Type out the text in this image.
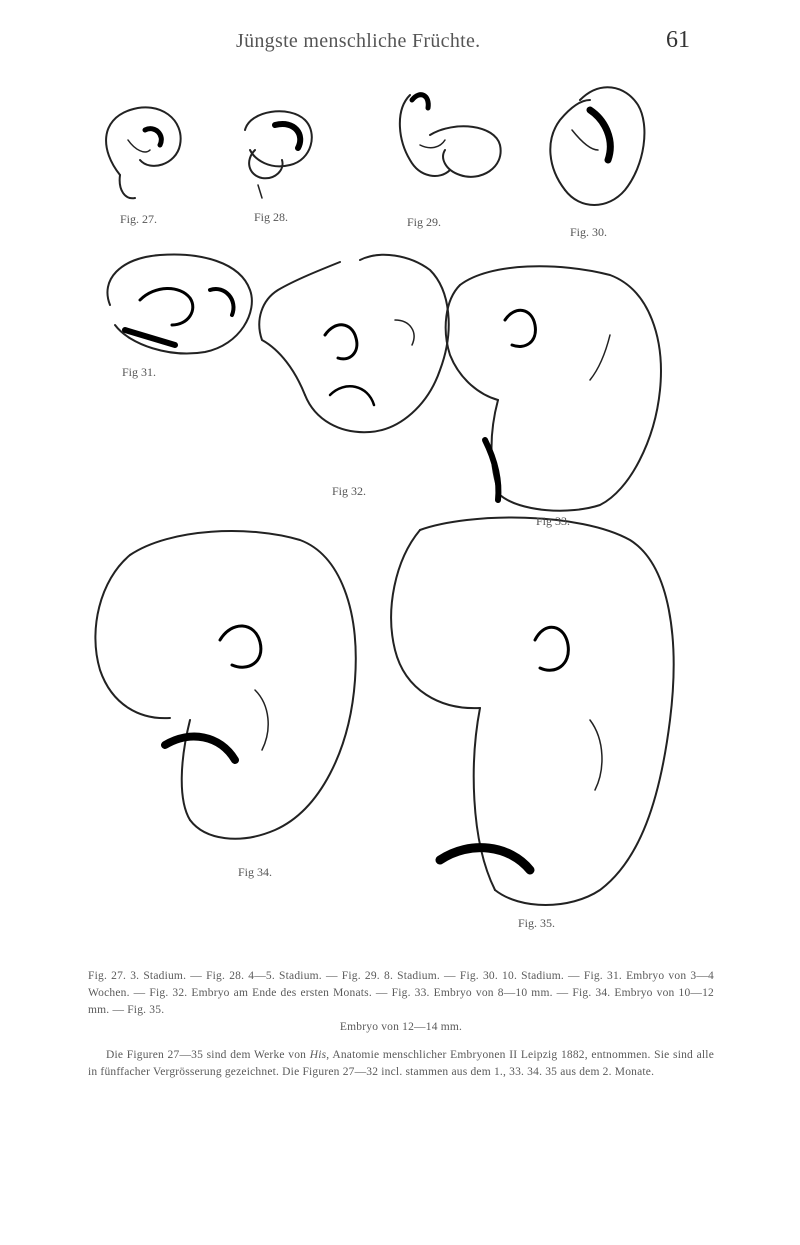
Jüngste menschliche Früchte.	61
Fig. 27.	Fig 28.	Fig 29.
Fig. 30.
Fig 31.
Fig 32.
Fig 33.
Fig 34.
Fig. 35.
Fig. 27. 3. Stadium. — Fig. 28. 4—5. Stadium. — Fig. 29. 8. Stadium. — Fig. 30. 10. Stadium. — Fig. 31. Embryo von 3—4 Wochen. — Fig. 32. Embryo am Ende des ersten Monats. — Fig. 33. Embryo von 8—10 mm. — Fig. 34. Embryo von 10—12 mm. — Fig. 35.
Embryo von 12—14 mm.
Die Figuren 27—35 sind dem Werke von His, Anatomie menschlicher Embryonen II Leipzig 1882, entnommen. Sie sind alle in fünffacher Vergrösserung gezeichnet. Die Figuren 27—32 incl. stammen aus dem 1., 33. 34. 35 aus dem 2. Monate.
